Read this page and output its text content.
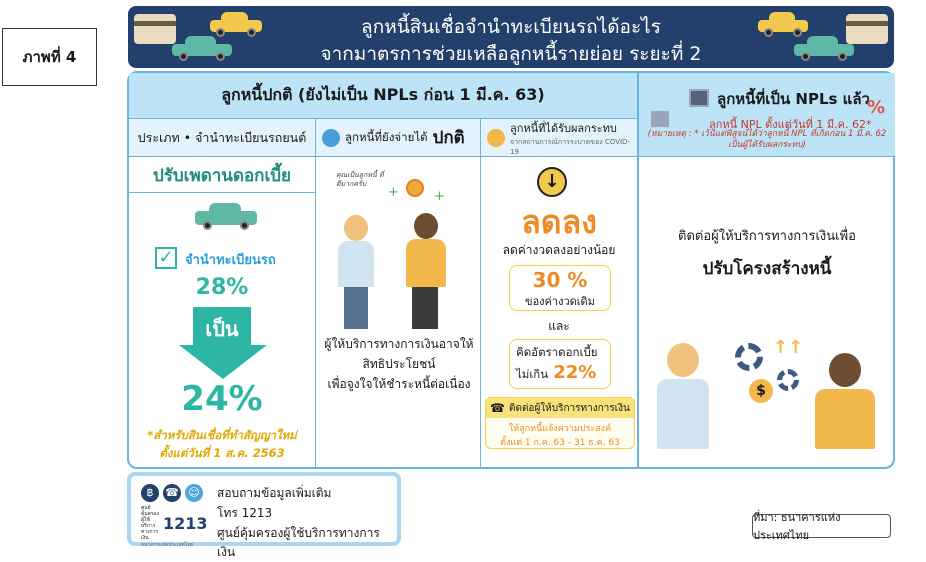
ภาพที่ 4
ลูกหนี้สินเชื่อจำนำทะเบียนรถได้อะไร
จากมาตรการช่วยเหลือลูกหนี้รายย่อย ระยะที่ 2
ลูกหนี้ปกติ (ยังไม่เป็น NPLs ก่อน 1 มี.ค. 63)	ลูกหนี้ที่เป็น NPLs แล้ว
%
ลูกหนี้ NPL ตั้งแต่วันที่ 1 มี.ค. 62*
(หมายเหตุ : * เว้นแต่พิสูจน์ได้ว่าลูกหนี้ NPL ที่เกิดก่อน 1 มี.ค. 62 เป็นผู้ได้รับผลกระทบ)
ประเภท • จำนำทะเบียนรถยนต์	ลูกหนี้ที่ยังจ่ายได้ ปกติ	ลูกหนี้ที่ได้รับผลกระทบ
จากสถานการณ์การระบาดของ COVID-19
ปรับเพดานดอกเบี้ย
✓ จำนำทะเบียนรถ
28%
เป็น
24%
*สำหรับสินเชื่อที่ทำสัญญาใหม่
ตั้งแต่วันที่ 1 ส.ค. 2563
คุณเป็นลูกหนี้ ที่ดีมากครับ
+	+
ผู้ให้บริการทางการเงินอาจให้
สิทธิประโยชน์
เพื่อจูงใจให้ชำระหนี้ต่อเนื่อง
↓
ลดลง
ลดค่างวดลงอย่างน้อย
30 %
ของค่างวดเดิม
และ
คิดอัตราดอกเบี้ย
ไม่เกิน 22%
☎ ติดต่อผู้ให้บริการทางการเงิน
ให้ลูกหนี้แจ้งความประสงค์
ตั้งแต่ 1 ก.ค. 63 - 31 ธ.ค. 63
ติดต่อผู้ให้บริการทางการเงินเพื่อ
ปรับโครงสร้างหนี้
$
↑↑
฿	☎ ☺
ศูนย์คุ้มครอง ผู้ใช้บริการ ทางการเงิน
1213
ธนาคารแห่งประเทศไทย
สอบถามข้อมูลเพิ่มเติม
โทร 1213
ศูนย์คุ้มครองผู้ใช้บริการทางการเงิน
ที่มา: ธนาคารแห่งประเทศไทย
